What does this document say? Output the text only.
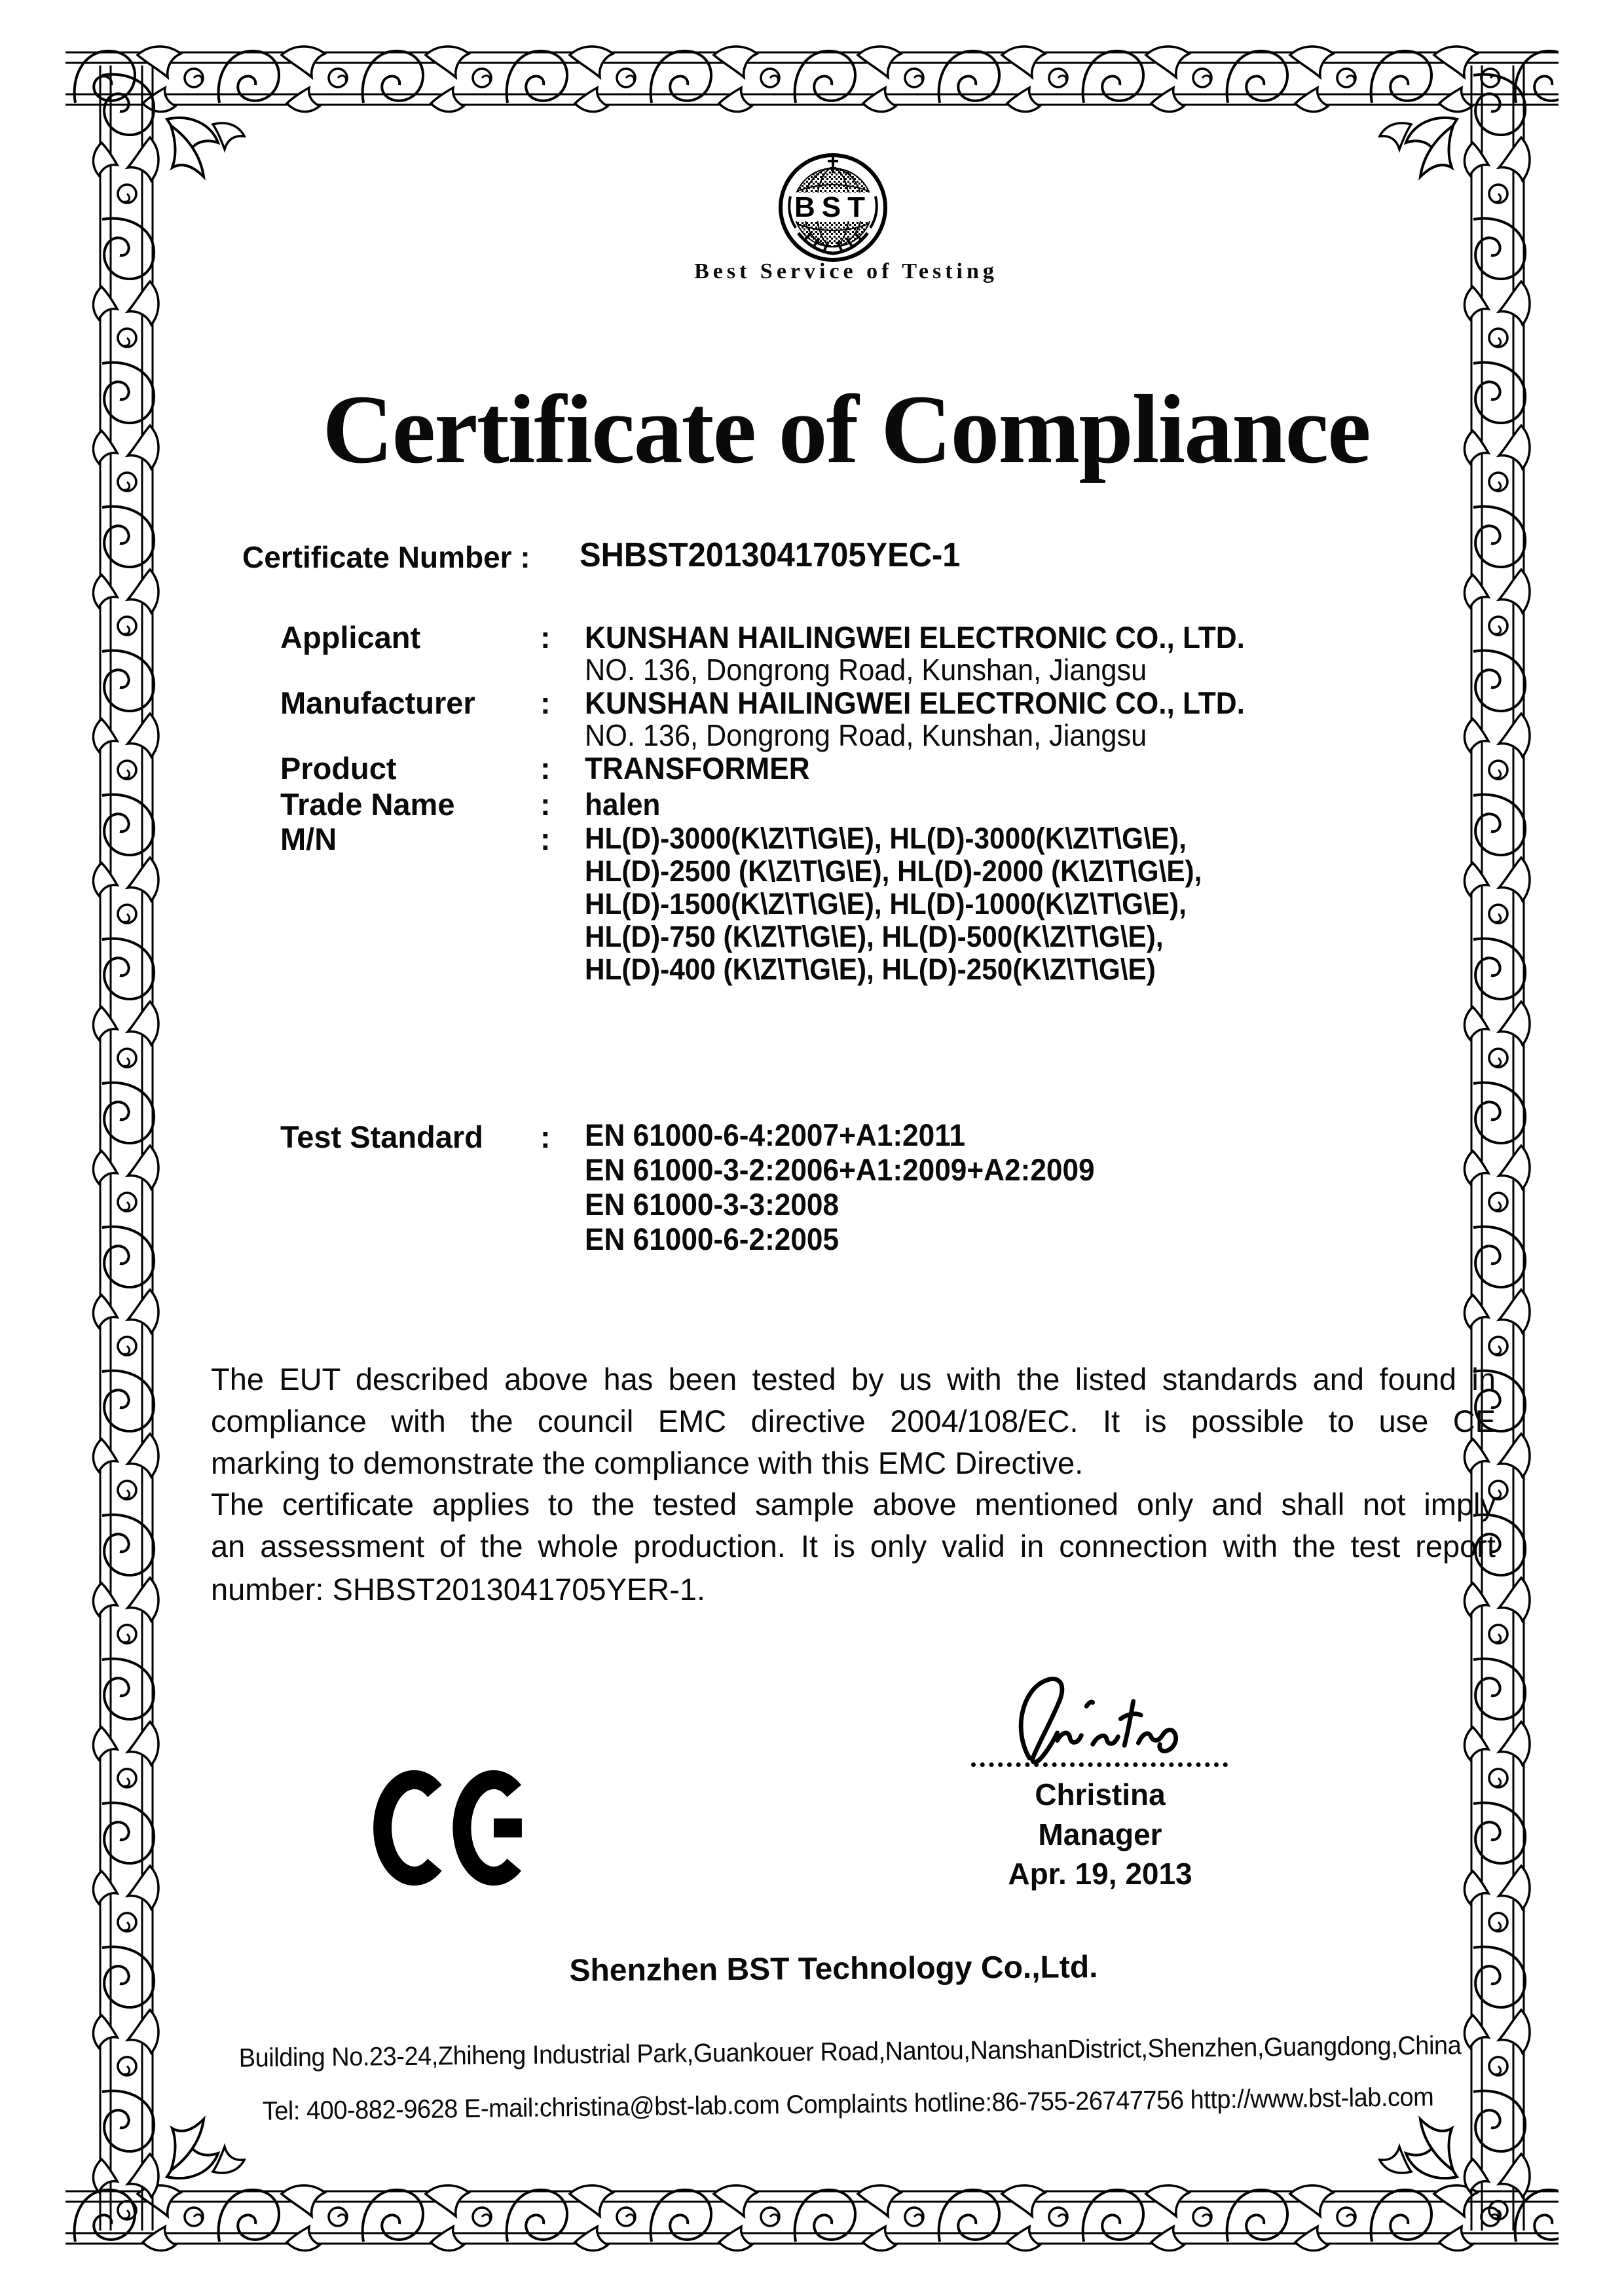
BST
Best Service of Testing
Certificate of Compliance
Certificate Number : SHBST2013041705YEC-1
Applicant	: KUNSHAN HAILINGWEI ELECTRONIC CO., LTD.
NO. 136, Dongrong Road, Kunshan, Jiangsu
Manufacturer : KUNSHAN HAILINGWEI ELECTRONIC CO., LTD.
NO. 136, Dongrong Road, Kunshan, Jiangsu
Product	: TRANSFORMER
Trade Name	: halen
M/N	: HL(D)-3000(K\Z\T\G\E), HL(D)-3000(K\Z\T\G\E),
HL(D)-2500 (K\Z\T\G\E), HL(D)-2000 (K\Z\T\G\E),
HL(D)-1500(K\Z\T\G\E), HL(D)-1000(K\Z\T\G\E),
HL(D)-750 (K\Z\T\G\E), HL(D)-500(K\Z\T\G\E),
HL(D)-400 (K\Z\T\G\E), HL(D)-250(K\Z\T\G\E)
Test Standard : EN 61000-6-4:2007+A1:2011
EN 61000-3-2:2006+A1:2009+A2:2009
EN 61000-3-3:2008
EN 61000-6-2:2005
The EUT described above has been tested by us with the listed standards and found in
compliance with the council EMC directive 2004/108/EC. It is possible to use CE
marking to demonstrate the compliance with this EMC Directive.
The certificate applies to the tested sample above mentioned only and shall not imply
an assessment of the whole production. It is only valid in connection with the test report
number: SHBST2013041705YER-1.
Christina
Manager
Apr. 19, 2013
Shenzhen BST Technology Co.,Ltd.
Building No.23-24,Zhiheng Industrial Park,Guankouer Road,Nantou,NanshanDistrict,Shenzhen,Guangdong,China
Tel: 400-882-9628 E-mail:christina@bst-lab.com Complaints hotline:86-755-26747756 http://www.bst-lab.com
